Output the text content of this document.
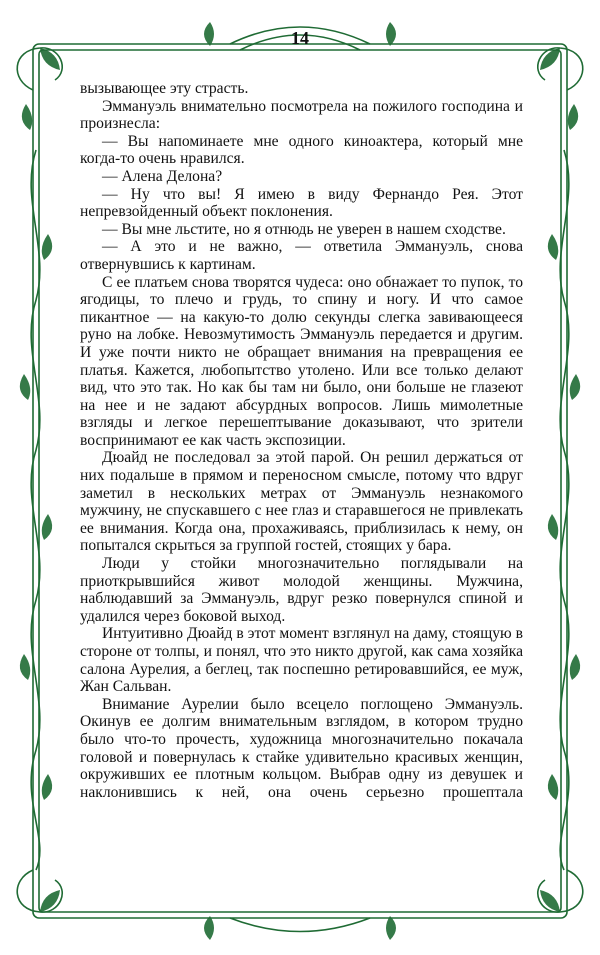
14

вызывающее эту страсть.

Эммануэль внимательно посмотрела на пожилого господина и произнесла:

— Вы напоминаете мне одного киноактера, который мне когда-то очень нравился.

— Алена Делона?

— Ну что вы! Я имею в виду Фернандо Рея. Этот непревзойденный объект поклонения.

— Вы мне льстите, но я отнюдь не уверен в нашем сходстве.

— А это и не важно, — ответила Эммануэль, снова отвернувшись к картинам.

С ее платьем снова творятся чудеса: оно обнажает то пупок, то ягодицы, то плечо и грудь, то спину и ногу. И что самое пикантное — на какую-то долю секунды слегка завивающееся руно на лобке. Невозмутимость Эммануэль передается и другим. И уже почти никто не обращает внимания на превращения ее платья. Кажется, любопытство утолено. Или все только делают вид, что это так. Но как бы там ни было, они больше не глазеют на нее и не задают абсурдных вопросов. Лишь мимолетные взгляды и легкое перешептывание доказывают, что зрители воспринимают ее как часть экспозиции.

Дюайд не последовал за этой парой. Он решил держаться от них подальше в прямом и переносном смысле, потому что вдруг заметил в нескольких метрах от Эммануэль незнакомого мужчину, не спускавшего с нее глаз и старавшегося не привлекать ее внимания. Когда она, прохаживаясь, приблизилась к нему, он попытался скрыться за группой гостей, стоящих у бара.

Люди у стойки многозначительно поглядывали на приоткрывшийся живот молодой женщины. Мужчина, наблюдавший за Эммануэль, вдруг резко повернулся спиной и удалился через боковой выход.

Интуитивно Дюайд в этот момент взглянул на даму, стоящую в стороне от толпы, и понял, что это никто другой, как сама хозяйка салона Аурелия, а беглец, так поспешно ретировавшийся, ее муж, Жан Сальван.

Внимание Аурелии было всецело поглощено Эммануэль. Окинув ее долгим внимательным взглядом, в котором трудно было что-то прочесть, художница многозначительно покачала головой и повернулась к стайке удивительно красивых женщин, окруживших ее плотным кольцом. Выбрав одну из девушек и наклонившись к ней, она очень серьезно прошептала
